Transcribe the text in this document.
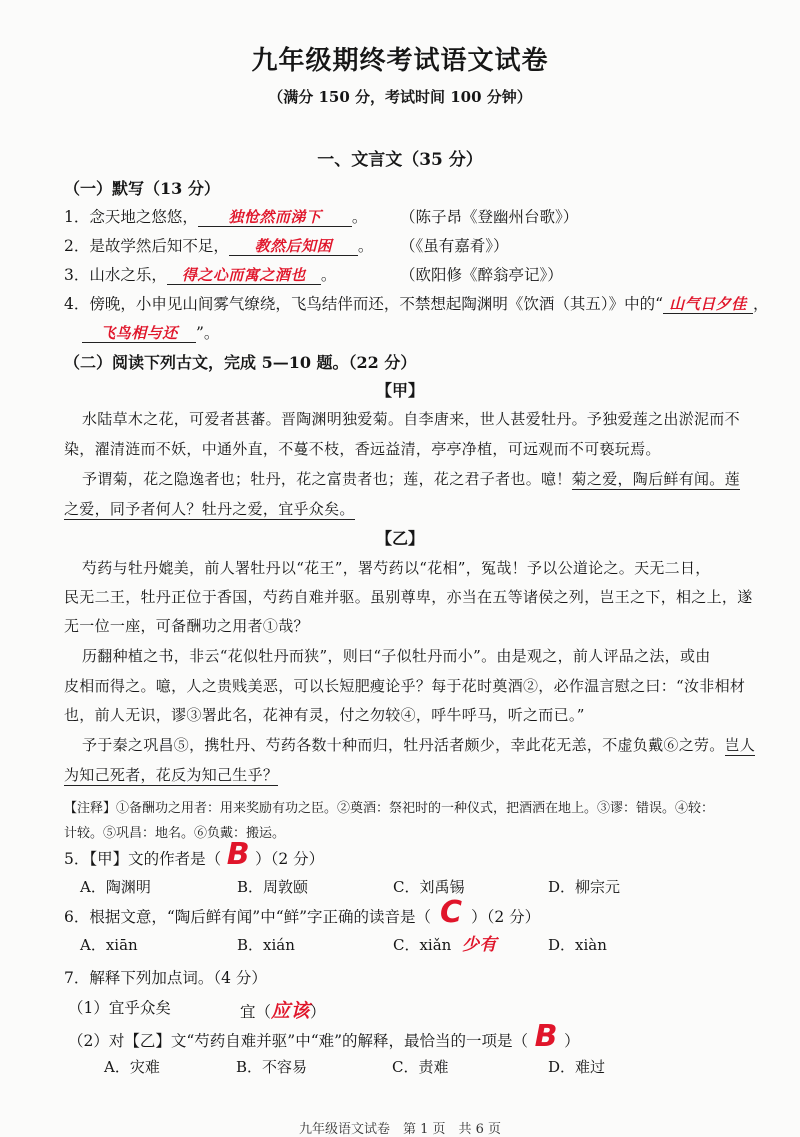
九年级期终考试语文试卷
（满分 150 分，考试时间 100 分钟）
一、文言文（35 分）
（一）默写（13 分）
1．念天地之悠悠， 独怆然而涕下 。 （陈子昂《登幽州台歌》）
2．是故学然后知不足， 教然后知困 。 （《虽有嘉肴》）
3．山水之乐， 得之心而寓之酒也 。	（欧阳修《醉翁亭记》）
4．傍晚，小申见山间雾气缭绕，飞鸟结伴而还，不禁想起陶渊明《饮酒（其五）》中的“ 山气日夕佳 ，
飞鸟相与还 ”。
（二）阅读下列古文，完成 5—10 题。（22 分）
【甲】
水陆草木之花，可爱者甚蕃。晋陶渊明独爱菊。自李唐来，世人甚爱牡丹。予独爱莲之出淤泥而不
染，濯清涟而不妖，中通外直，不蔓不枝，香远益清，亭亭净植，可远观而不可亵玩焉。
予谓菊，花之隐逸者也；牡丹，花之富贵者也；莲，花之君子者也。噫！菊之爱，陶后鲜有闻。莲
之爱，同予者何人？牡丹之爱，宜乎众矣。
【乙】
芍药与牡丹媲美，前人署牡丹以“花王”，署芍药以“花相”，冤哉！予以公道论之。天无二日，
民无二王，牡丹正位于香国，芍药自难并驱。虽别尊卑，亦当在五等诸侯之列，岂王之下，相之上，遂
无一位一座，可备酬功之用者①哉？
历翻种植之书，非云“花似牡丹而狭”，则曰“子似牡丹而小”。由是观之，前人评品之法，或由
皮相而得之。噫，人之贵贱美恶，可以长短肥瘦论乎？每于花时奠酒②，必作温言慰之曰：“汝非相材
也，前人无识，谬③署此名，花神有灵，付之勿较④，呼牛呼马，听之而已。”
予于秦之巩昌⑤，携牡丹、芍药各数十种而归，牡丹活者颇少，幸此花无恙，不虚负戴⑥之劳。岂人
为知己死者，花反为知己生乎？
【注释】①备酬功之用者：用来奖励有功之臣。②奠酒：祭祀时的一种仪式，把酒洒在地上。③谬：错误。④较：
计较。⑤巩昌：地名。⑥负戴：搬运。
5．【甲】文的作者是（ B ）（2 分）
A．陶渊明	B．周敦颐	C．刘禹锡	D．柳宗元
6．根据文意，“陶后鲜有闻”中“鲜”字正确的读音是（ C ）（2 分）
少有
A．xiān	B．xián	C．xiǎn	D．xiàn
7．解释下列加点词。（4 分）
（1）宜乎众矣	宜（应该）
（2）对【乙】文“芍药自难并驱”中“难”的解释，最恰当的一项是（ B ）
A．灾难	B．不容易	C．责难	D．难过
九年级语文试卷　第 1 页　共 6 页
